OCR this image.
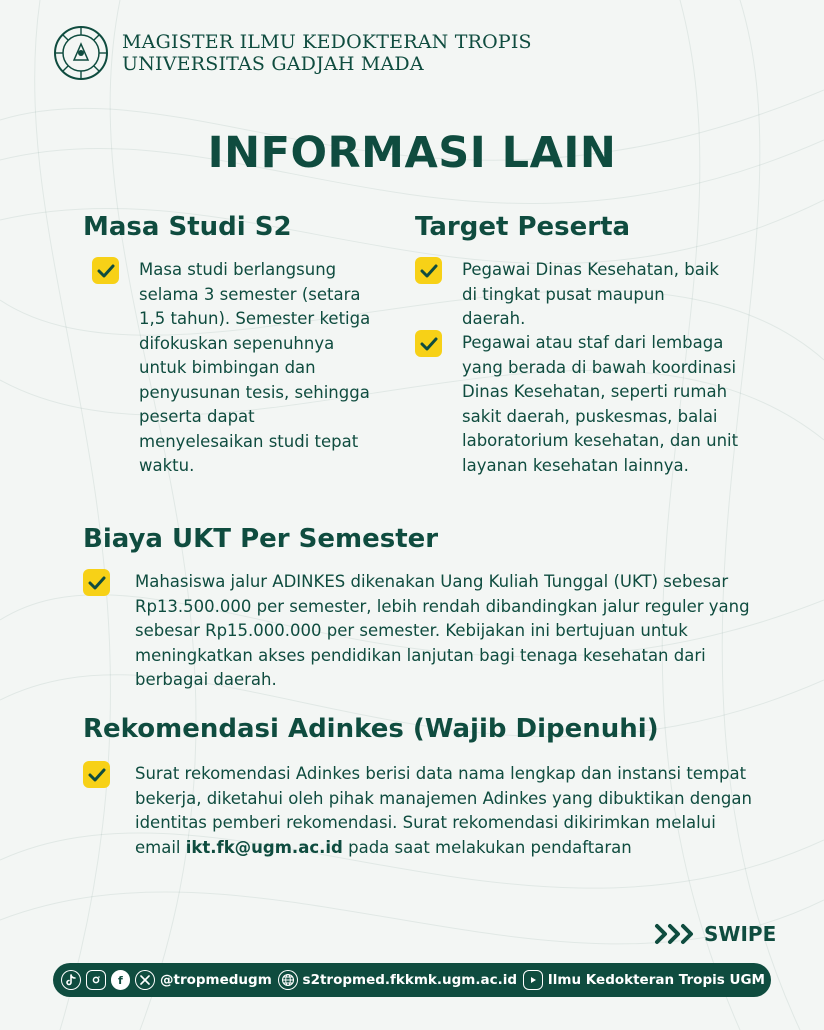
MAGISTER ILMU KEDOKTERAN TROPIS
UNIVERSITAS GADJAH MADA
INFORMASI LAIN
Masa Studi S2
Masa studi berlangsung selama 3 semester (setara 1,5 tahun). Semester ketiga difokuskan sepenuhnya untuk bimbingan dan penyusunan tesis, sehingga peserta dapat menyelesaikan studi tepat waktu.
Target Peserta
Pegawai Dinas Kesehatan, baik di tingkat pusat maupun daerah.
Pegawai atau staf dari lembaga yang berada di bawah koordinasi Dinas Kesehatan, seperti rumah sakit daerah, puskesmas, balai laboratorium kesehatan, dan unit layanan kesehatan lainnya.
Biaya UKT Per Semester
Mahasiswa jalur ADINKES dikenakan Uang Kuliah Tunggal (UKT) sebesar Rp13.500.000 per semester, lebih rendah dibandingkan jalur reguler yang sebesar Rp15.000.000 per semester. Kebijakan ini bertujuan untuk meningkatkan akses pendidikan lanjutan bagi tenaga kesehatan dari berbagai daerah.
Rekomendasi Adinkes (Wajib Dipenuhi)
Surat rekomendasi Adinkes berisi data nama lengkap dan instansi tempat bekerja, diketahui oleh pihak manajemen Adinkes yang dibuktikan dengan identitas pemberi rekomendasi. Surat rekomendasi dikirimkan melalui email ikt.fk@ugm.ac.id pada saat melakukan pendaftaran
SWIPE
f	@tropmedugm s2tropmed.fkkmk.ugm.ac.id Ilmu Kedokteran Tropis UGM
